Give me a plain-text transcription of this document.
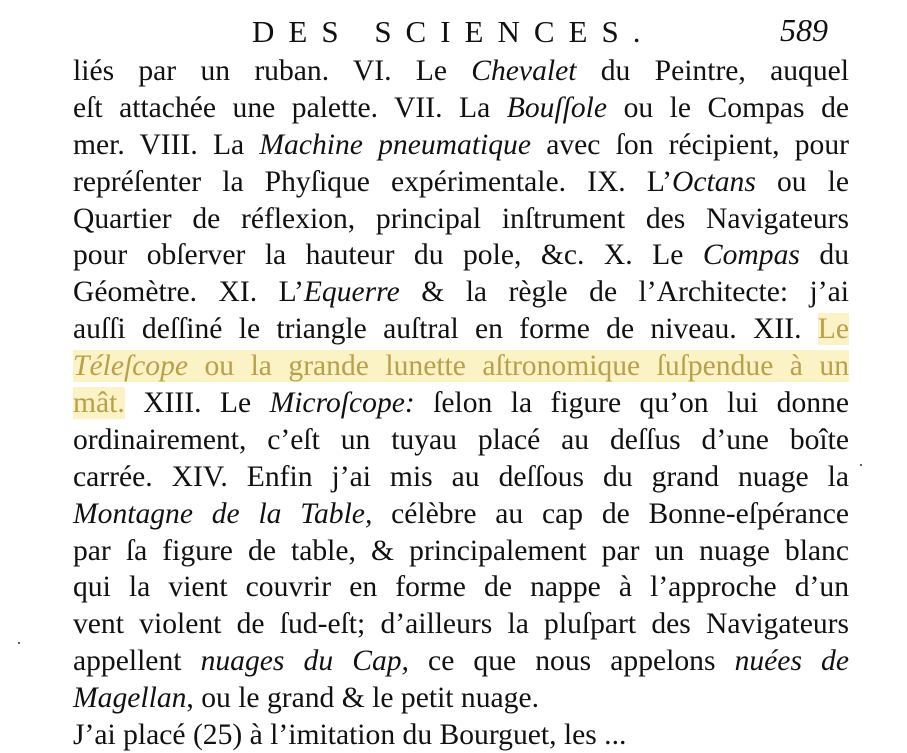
DES SCIENCES.	589
liés par un ruban. VI. Le Chevalet du Peintre, auquel
eſt attachée une palette. VII. La Bouſſole ou le Compas de
mer. VIII. La Machine pneumatique avec ſon récipient, pour
repréſenter la Phyſique expérimentale. IX. L’Octans ou le
Quartier de réflexion, principal inſtrument des Navigateurs
pour obſerver la hauteur du pole, &c. X. Le Compas du
Géomètre. XI. L’Equerre & la règle de l’Architecte: j’ai
auſſi deſſiné le triangle auſtral en forme de niveau. XII. Le
Téleſcope ou la grande lunette aſtronomique ſuſpendue à un
mât. XIII. Le Microſcope: ſelon la figure qu’on lui donne
ordinairement, c’eſt un tuyau placé au deſſus d’une boîte
carrée. XIV. Enfin j’ai mis au deſſous du grand nuage la
Montagne de la Table, célèbre au cap de Bonne-eſpérance
par ſa figure de table, & principalement par un nuage blanc
qui la vient couvrir en forme de nappe à l’approche d’un
vent violent de ſud-eſt; d’ailleurs la pluſpart des Navigateurs
appellent nuages du Cap, ce que nous appelons nuées de
Magellan, ou le grand & le petit nuage.
J’ai placé (25) à l’imitation du Bourguet, les ...
·
·
